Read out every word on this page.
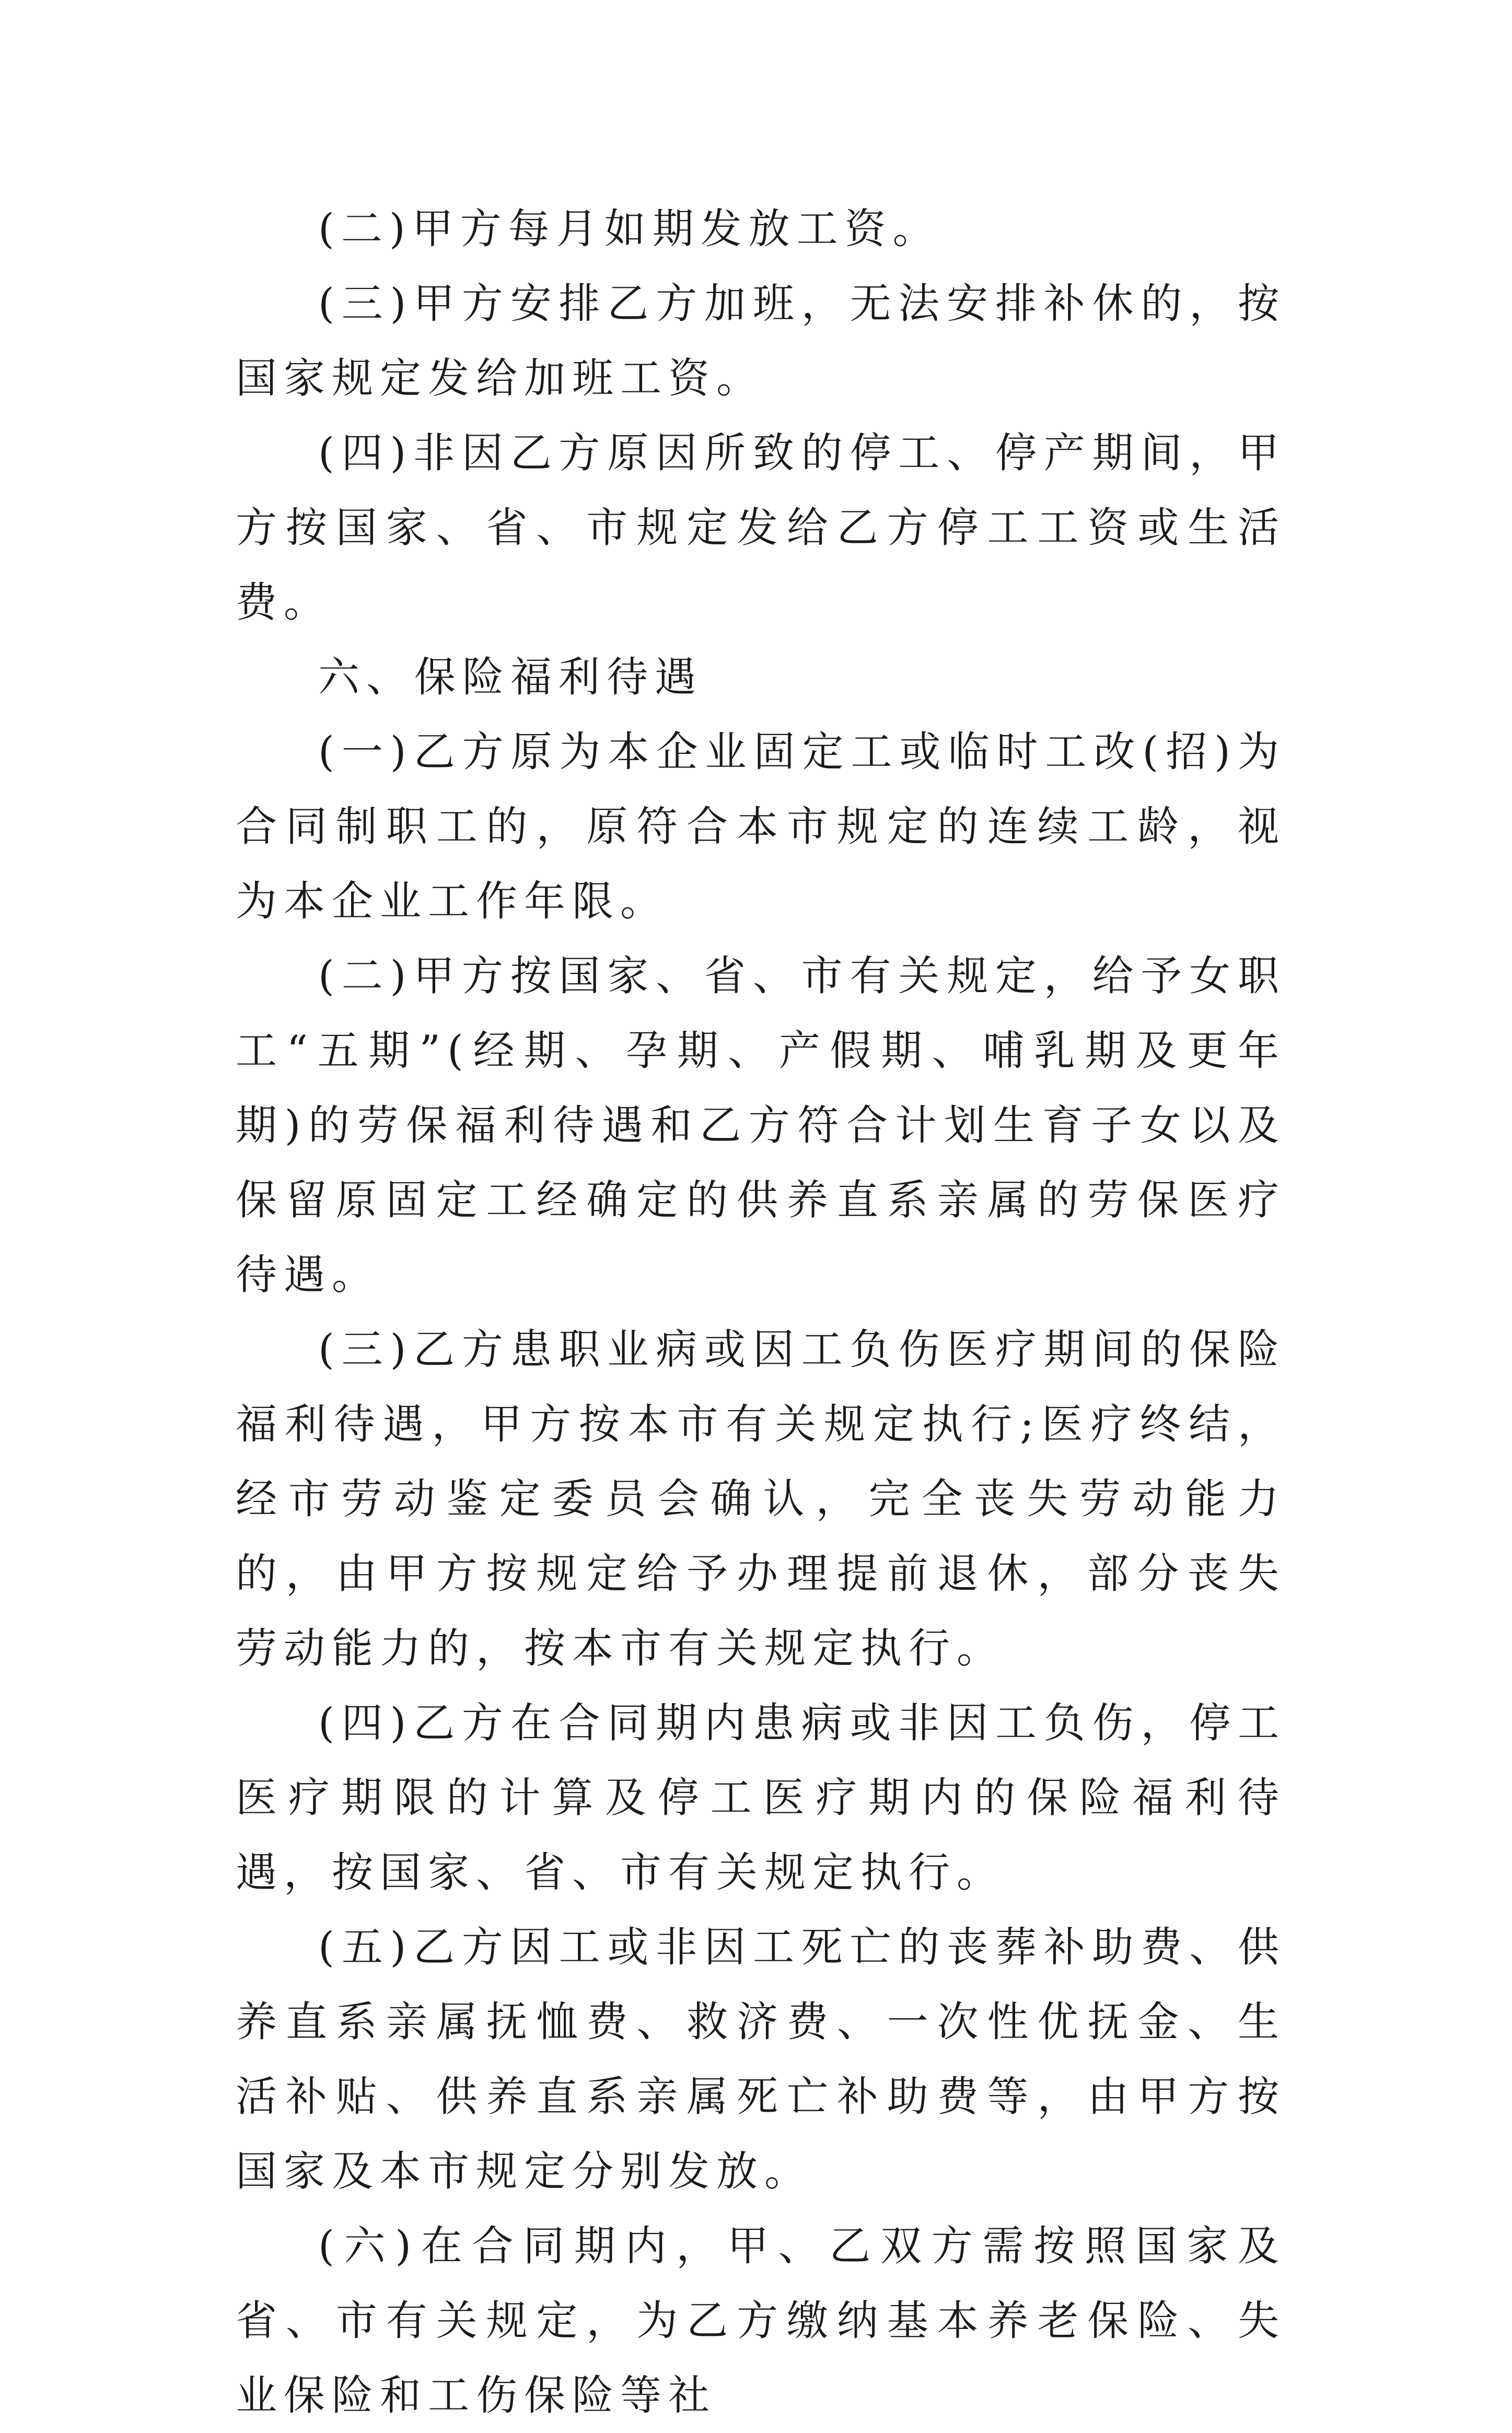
(二)甲方每月如期发放工资。

(三)甲方安排乙方加班，无法安排补休的，按国家规定发给加班工资。

(四)非因乙方原因所致的停工、停产期间，甲方按国家、省、市规定发给乙方停工工资或生活费。

六、保险福利待遇

(一)乙方原为本企业固定工或临时工改(招)为合同制职工的，原符合本市规定的连续工龄，视为本企业工作年限。

(二)甲方按国家、省、市有关规定，给予女职工“五期”(经期、孕期、产假期、哺乳期及更年期)的劳保福利待遇和乙方符合计划生育子女以及保留原固定工经确定的供养直系亲属的劳保医疗待遇。

(三)乙方患职业病或因工负伤医疗期间的保险福利待遇，甲方按本市有关规定执行;医疗终结，经市劳动鉴定委员会确认，完全丧失劳动能力的，由甲方按规定给予办理提前退休，部分丧失劳动能力的，按本市有关规定执行。

(四)乙方在合同期内患病或非因工负伤，停工医疗期限的计算及停工医疗期内的保险福利待遇，按国家、省、市有关规定执行。

(五)乙方因工或非因工死亡的丧葬补助费、供养直系亲属抚恤费、救济费、一次性优抚金、生活补贴、供养直系亲属死亡补助费等，由甲方按国家及本市规定分别发放。

(六)在合同期内，甲、乙双方需按照国家及省、市有关规定，为乙方缴纳基本养老保险、失业保险和工伤保险等社
